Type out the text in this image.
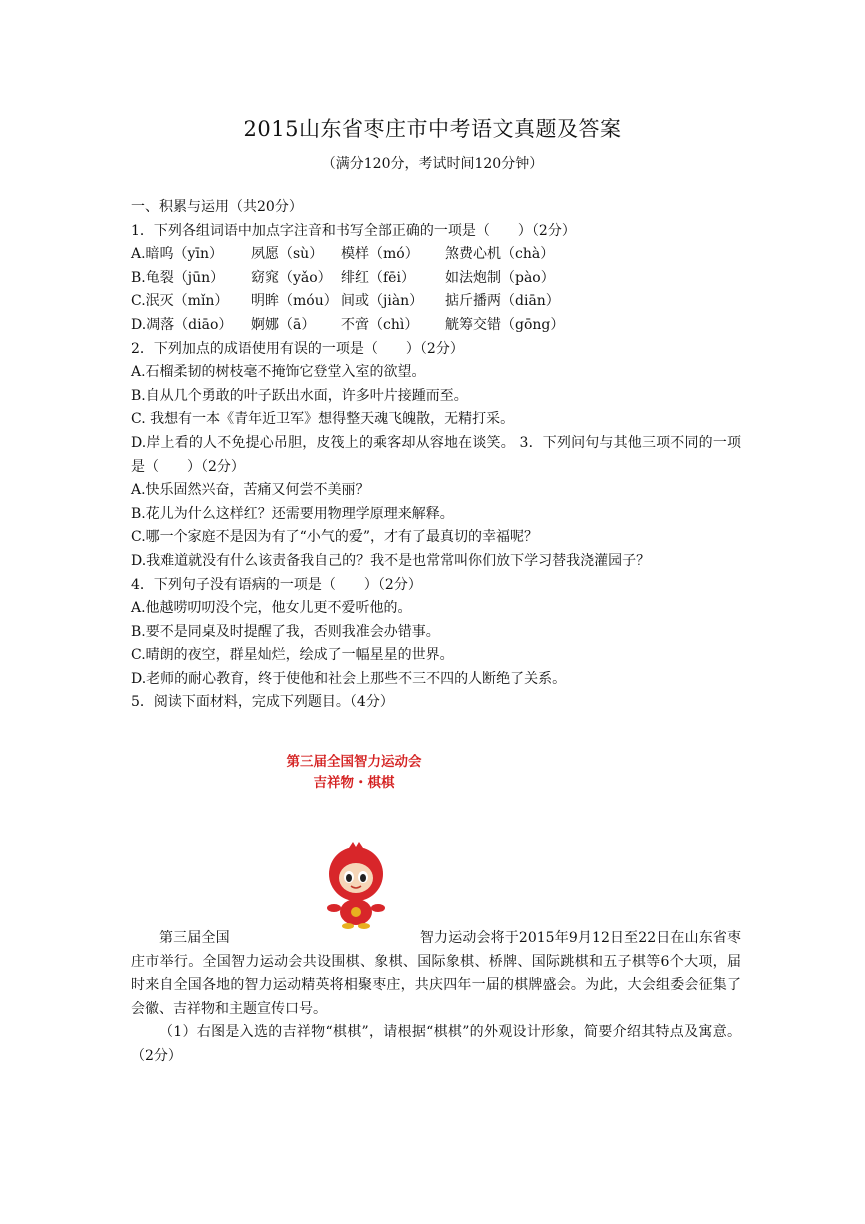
2015山东省枣庄市中考语文真题及答案
（满分120分，考试时间120分钟）
一、积累与运用（共20分）
1．下列各组词语中加点字注音和书写全部正确的一项是（　　）（2分）
A.暗呜（yīn）	夙愿（sù）	模样（mó）	煞费心机（chà）
B.龟裂（jūn）	窈窕（yǎo） 绯红（fēi）	如法炮制（pào）
C.泯灭（mǐn）	明眸（móu） 间或（jiàn）	掂斤播两（diān）
D.凋落（diāo）	婀娜（ā）	不啻（chì）	觥筹交错（gōng）
2．下列加点的成语使用有误的一项是（　　）（2分）
A.石榴柔韧的树枝毫不掩饰它登堂入室的欲望。
B.自从几个勇敢的叶子跃出水面，许多叶片接踵而至。
C. 我想有一本《青年近卫军》想得整天魂飞魄散，无精打采。
D.岸上看的人不免提心吊胆，皮筏上的乘客却从容地在谈笑。 3．下列问句与其他三项不同的一项是（　　）（2分）
A.快乐固然兴奋，苦痛又何尝不美丽？
B.花儿为什么这样红？还需要用物理学原理来解释。
C.哪一个家庭不是因为有了“小气的爱”，才有了最真切的幸福呢？
D.我难道就没有什么该责备我自己的？我不是也常常叫你们放下学习替我浇灌园子？
4．下列句子没有语病的一项是（　　）（2分）
A.他越唠叨叨没个完，他女儿更不爱听他的。
B.要不是同桌及时提醒了我，否则我准会办错事。
C.晴朗的夜空，群星灿烂，绘成了一幅星星的世界。
D.老师的耐心教育，终于使他和社会上那些不三不四的人断绝了关系。
5．阅读下面材料，完成下列题目。（4分）
第三届全国智力运动会
吉祥物・棋棋
第三届全国	智力运动会将于2015年9月12日至22日在山东省枣庄市举行。全国智力运动会共设围棋、象棋、国际象棋、桥牌、国际跳棋和五子棋等6个大项，届时来自全国各地的智力运动精英将相聚枣庄，共庆四年一届的棋牌盛会。为此，大会组委会征集了会徽、吉祥物和主题宣传口号。
（1）右图是入选的吉祥物“棋棋”，请根据“棋棋”的外观设计形象，简要介绍其特点及寓意。（2分）
